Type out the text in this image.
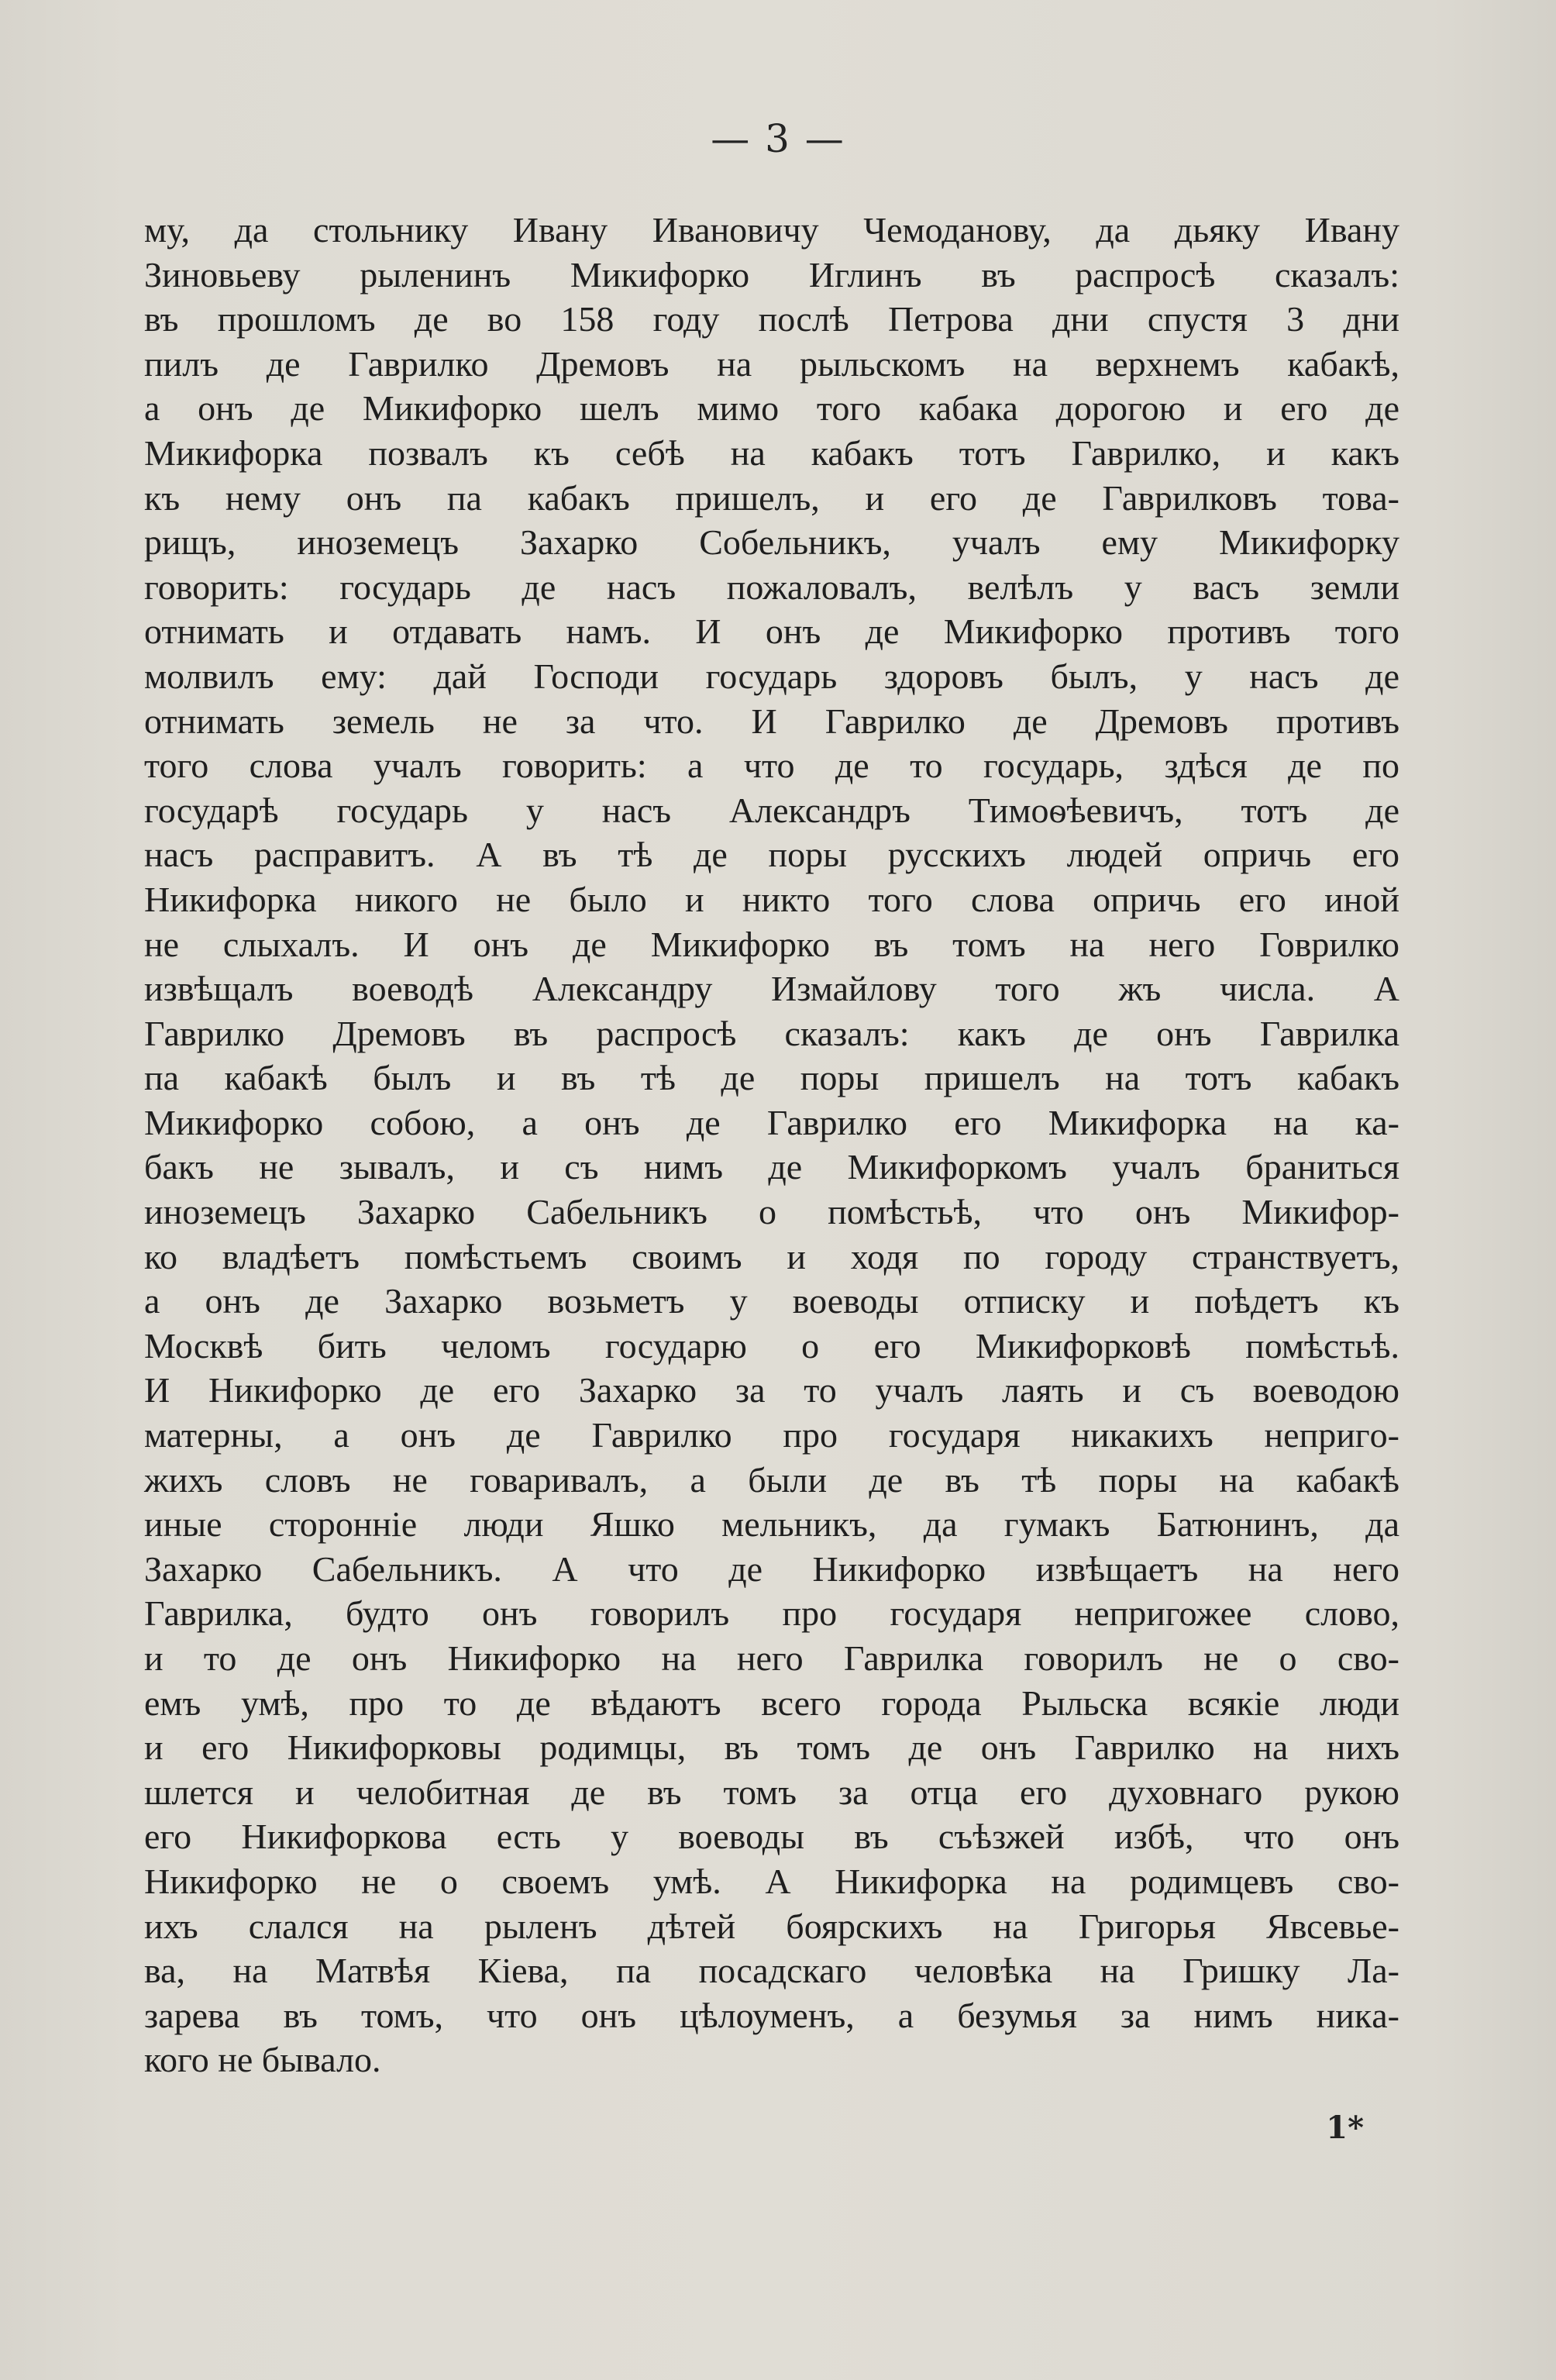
— 3 —
му, да стольнику Ивану Ивановичу Чемоданову, да дьяку Ивану
Зиновьеву рыленинъ Микифорко Иглинъ въ распросѣ сказалъ:
въ прошломъ де во 158 году послѣ Петрова дни спустя 3 дни
пилъ де Гаврилко Дремовъ на рыльскомъ на верхнемъ кабакѣ,
а онъ де Микифорко шелъ мимо того кабака дорогою и его де
Микифорка позвалъ къ себѣ на кабакъ тотъ Гаврилко, и какъ
къ нему онъ па кабакъ пришелъ, и его де Гаврилковъ това-
рищъ, иноземецъ Захарко Собельникъ, учалъ ему Микифорку
говорить: государь де насъ пожаловалъ, велѣлъ у васъ земли
отнимать и отдавать намъ. И онъ де Микифорко противъ того
молвилъ ему: дай Господи государь здоровъ былъ, у насъ де
отнимать земель не за что. И Гаврилко де Дремовъ противъ
того слова учалъ говорить: а что де то государь, здѣся де по
государѣ государь у насъ Александръ Тимоѳѣевичъ, тотъ де
насъ расправитъ. А въ тѣ де поры русскихъ людей опричь его
Никифорка никого не было и никто того слова опричь его иной
не слыхалъ. И онъ де Микифорко въ томъ на него Говрилко
извѣщалъ воеводѣ Александру Измайлову того жъ числа. А
Гаврилко Дремовъ въ распросѣ сказалъ: какъ де онъ Гаврилка
па кабакѣ былъ и въ тѣ де поры пришелъ на тотъ кабакъ
Микифорко собою, а онъ де Гаврилко его Микифорка на ка-
бакъ не зывалъ, и съ нимъ де Микифоркомъ учалъ браниться
иноземецъ Захарко Сабельникъ о помѣстьѣ, что онъ Микифор-
ко владѣетъ помѣстьемъ своимъ и ходя по городу странствуетъ,
а онъ де Захарко возьметъ у воеводы отписку и поѣдетъ къ
Москвѣ бить челомъ государю о его Микифорковѣ помѣстьѣ.
И Никифорко де его Захарко за то учалъ лаять и съ воеводою
матерны, а онъ де Гаврилко про государя никакихъ непригo-
жихъ словъ не говаривалъ, а были де въ тѣ поры на кабакѣ
иные сторонніе люди Яшко мельникъ, да гумакъ Батюнинъ, да
Захарко Сабельникъ. А что де Никифорко извѣщаетъ на него
Гаврилка, будто онъ говорилъ про государя непригожее слово,
и то де онъ Никифорко на него Гаврилка говорилъ не о сво-
емъ умѣ, про то де вѣдаютъ всего города Рыльска всякіе люди
и его Никифорковы родимцы, въ томъ де онъ Гаврилко на нихъ
шлется и челобитная де въ томъ за отца его духовнаго рукою
его Никифоркова есть у воеводы въ съѣзжей избѣ, что онъ
Никифорко не о своемъ умѣ. А Никифорка на родимцевъ сво-
ихъ слался на рыленъ дѣтей боярскихъ на Григорья Явсевье-
ва, на Матвѣя Кіева, па посадскаго человѣка на Гришку Ла-
зарева въ томъ, что онъ цѣлоуменъ, а безумья за нимъ никa-
кого не бывало.
1*
